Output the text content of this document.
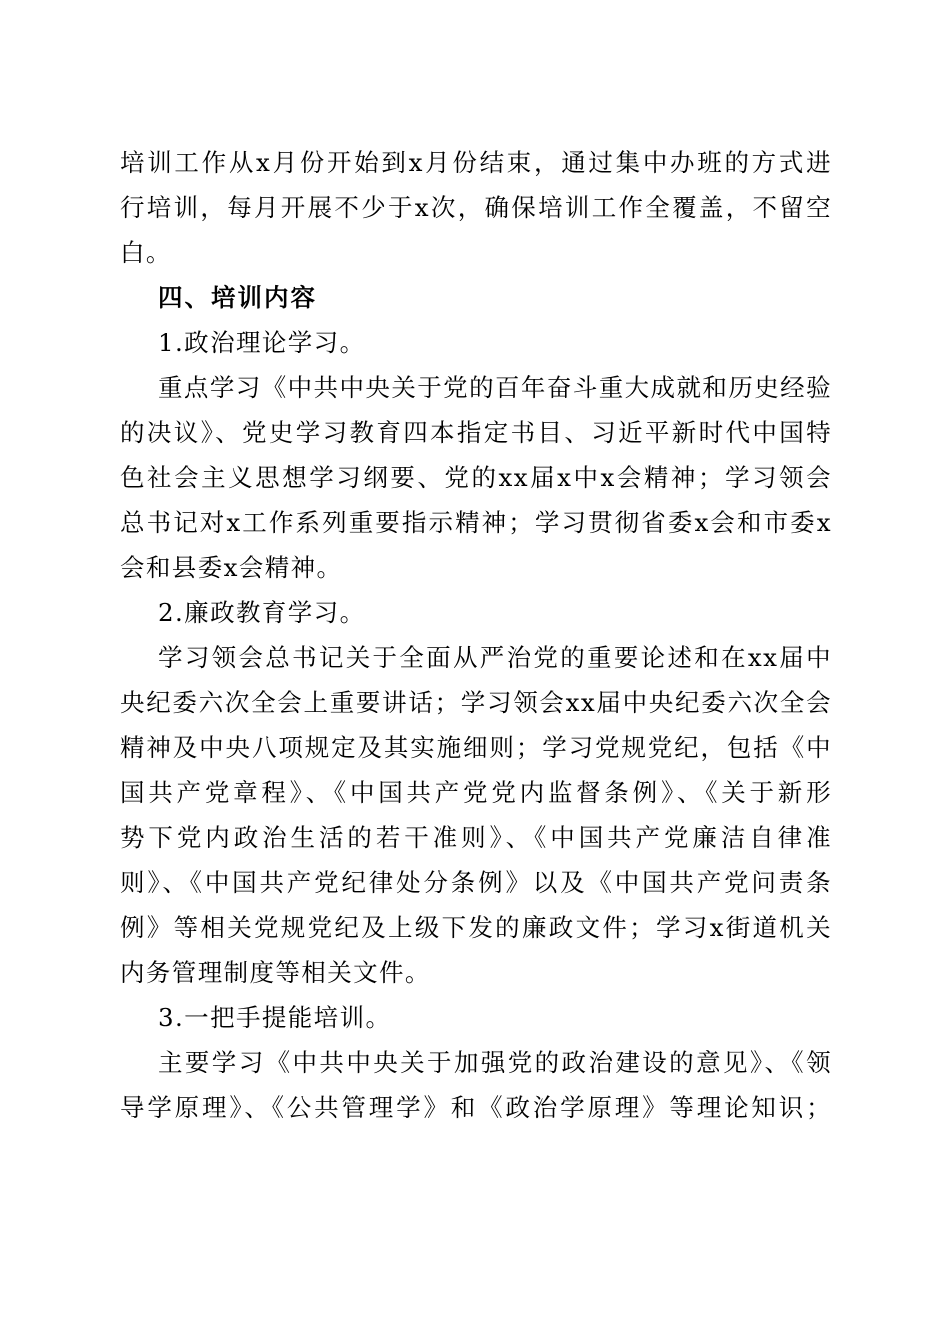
培训工作从x月份开始到x月份结束，通过集中办班的方式进
行培训，每月开展不少于x次，确保培训工作全覆盖，不留空
白。
四、培训内容
1.政治理论学习。
重点学习《中共中央关于党的百年奋斗重大成就和历史经验
的决议》、党史学习教育四本指定书目、习近平新时代中国特
色社会主义思想学习纲要、党的xx届x中x会精神；学习领会
总书记对x工作系列重要指示精神；学习贯彻省委x会和市委x
会和县委x会精神。
2.廉政教育学习。
学习领会总书记关于全面从严治党的重要论述和在xx届中
央纪委六次全会上重要讲话；学习领会xx届中央纪委六次全会
精神及中央八项规定及其实施细则；学习党规党纪，包括《中
国共产党章程》、《中国共产党党内监督条例》、《关于新形
势下党内政治生活的若干准则》、《中国共产党廉洁自律准
则》、《中国共产党纪律处分条例》以及《中国共产党问责条
例》等相关党规党纪及上级下发的廉政文件；学习x街道机关
内务管理制度等相关文件。
3.一把手提能培训。
主要学习《中共中央关于加强党的政治建设的意见》、《领
导学原理》、《公共管理学》和《政治学原理》等理论知识；
